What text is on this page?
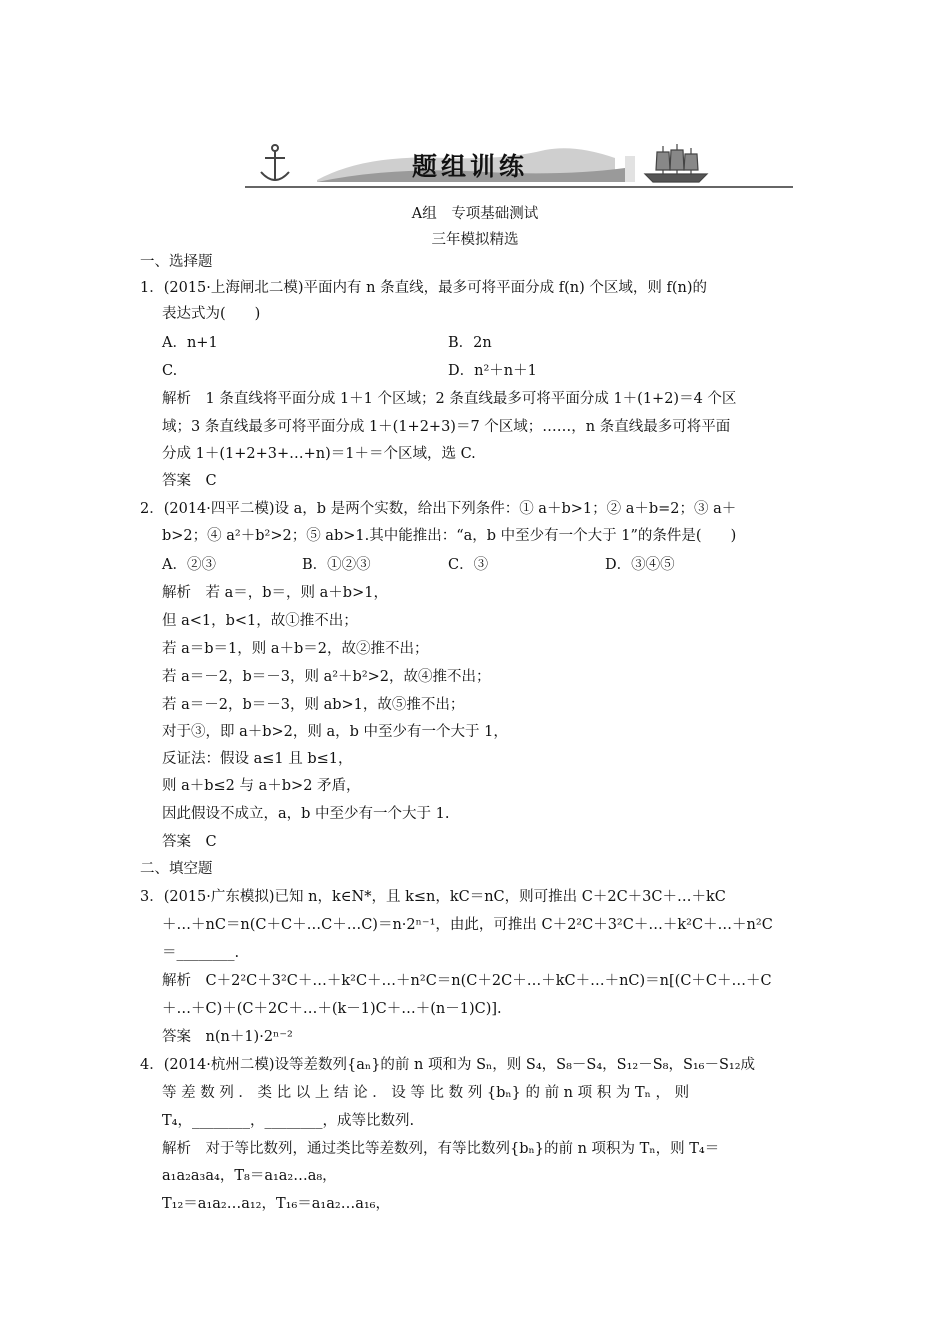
题组训练
A组　专项基础测试
三年模拟精选
一、选择题
1．(2015·上海闸北二模)平面内有 n 条直线，最多可将平面分成 f(n) 个区域，则 f(n)的
表达式为(　　)
A．n+1	B．2n
C.	D．n²＋n＋1
解析　1 条直线将平面分成 1＋1 个区域；2 条直线最多可将平面分成 1＋(1+2)＝4 个区
域；3 条直线最多可将平面分成 1＋(1+2+3)＝7 个区域；……，n 条直线最多可将平面
分成 1＋(1+2+3+…+n)＝1＋＝个区域，选 C.
答案　C
2．(2014·四平二模)设 a，b 是两个实数，给出下列条件：① a＋b>1；② a＋b=2；③ a＋
b>2；④ a²＋b²>2；⑤ ab>1.其中能推出：“a，b 中至少有一个大于 1”的条件是(　　)
A．②③	B．①②③	C．③	D．③④⑤
解析　若 a＝，b＝，则 a＋b>1，
但 a<1，b<1，故①推不出；
若 a＝b＝1，则 a＋b＝2，故②推不出；
若 a＝－2，b＝－3，则 a²＋b²>2，故④推不出；
若 a＝－2，b＝－3，则 ab>1，故⑤推不出；
对于③，即 a＋b>2，则 a，b 中至少有一个大于 1，
反证法：假设 a≤1 且 b≤1，
则 a＋b≤2 与 a＋b>2 矛盾，
因此假设不成立，a，b 中至少有一个大于 1.
答案　C
二、填空题
3．(2015·广东模拟)已知 n，k∈N*，且 k≤n，kC＝nC，则可推出 C＋2C＋3C＋…＋kC
＋…＋nC＝n(C＋C＋…C＋…C)＝n·2ⁿ⁻¹，由此，可推出 C＋2²C＋3²C＋…＋k²C＋…＋n²C
＝________.
解析　C＋2²C＋3²C＋…＋k²C＋…＋n²C＝n(C＋2C＋…＋kC＋…＋nC)＝n[(C＋C＋…＋C
＋…＋C)＋(C＋2C＋…＋(k－1)C＋…＋(n－1)C)].
答案　n(n＋1)·2ⁿ⁻²
4．(2014·杭州二模)设等差数列{aₙ}的前 n 项和为 Sₙ，则 S₄，S₈－S₄，S₁₂－S₈，S₁₆－S₁₂成
等 差 数 列 ． 类 比 以 上 结 论 ． 设 等 比 数 列 {bₙ} 的 前 n 项 积 为 Tₙ ， 则
T₄，________，________，成等比数列.
解析　对于等比数列，通过类比等差数列，有等比数列{bₙ}的前 n 项积为 Tₙ，则 T₄＝
a₁a₂a₃a₄，T₈＝a₁a₂…a₈，
T₁₂＝a₁a₂…a₁₂，T₁₆＝a₁a₂…a₁₆，
